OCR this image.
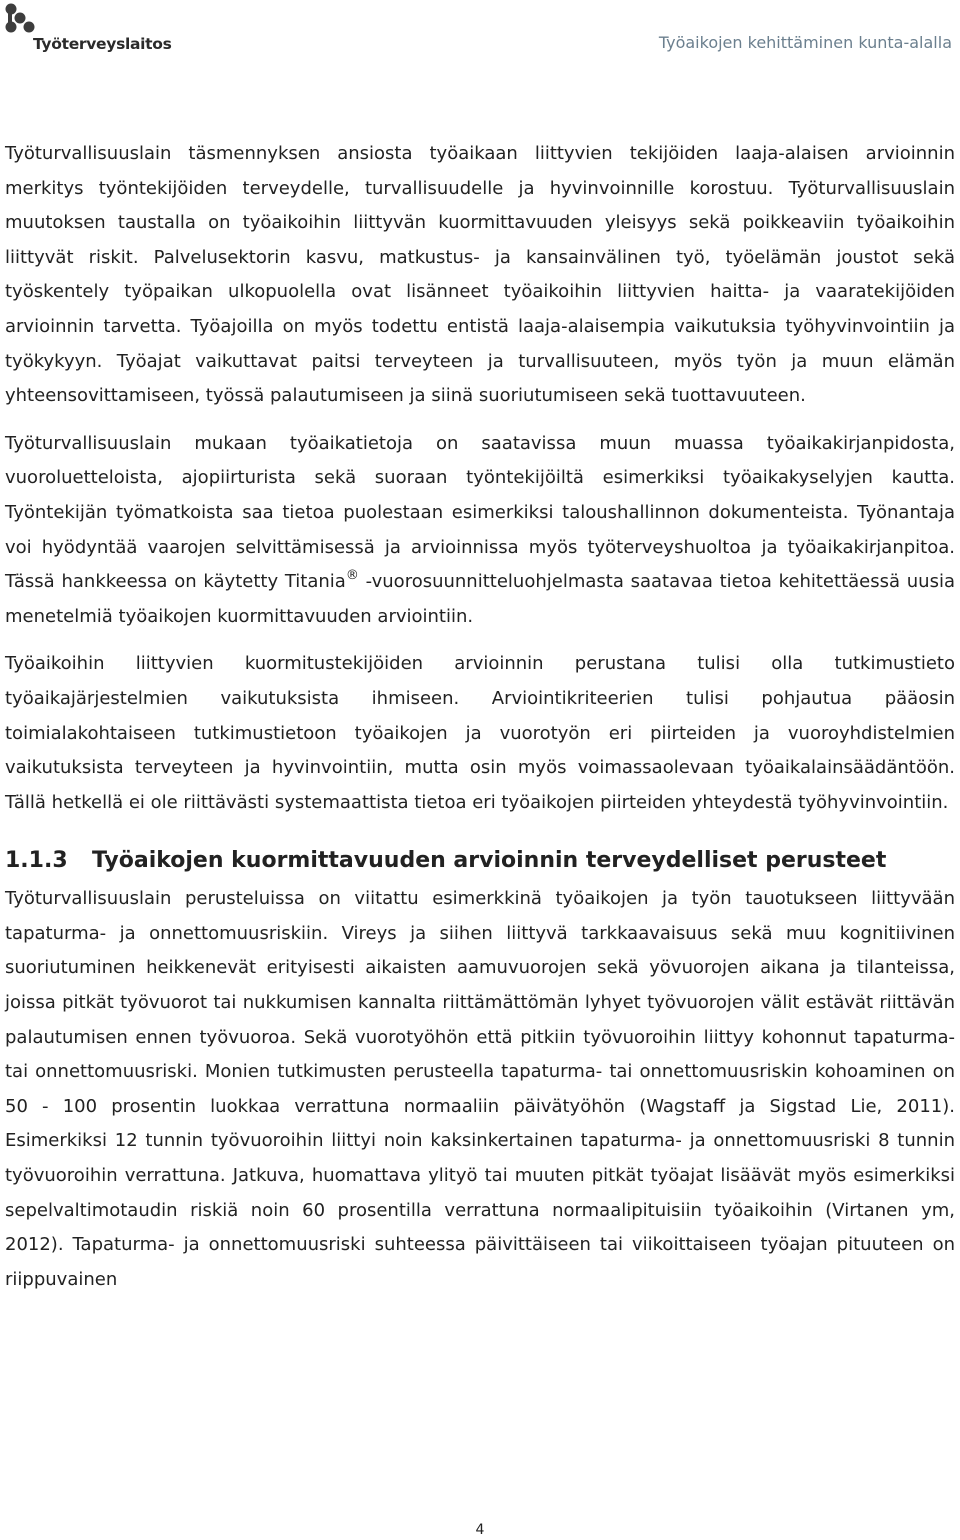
Työterveyslaitos	Työaikojen kehittäminen kunta-alalla

Työturvallisuuslain täsmennyksen ansiosta työaikaan liittyvien tekijöiden laaja-alaisen arvioinnin merkitys työntekijöiden terveydelle, turvallisuudelle ja hyvinvoinnille korostuu. Työturvallisuuslain muutoksen taustalla on työaikoihin liittyvän kuormittavuuden yleisyys sekä poikkeaviin työaikoihin liittyvät riskit. Palvelusektorin kasvu, matkustus- ja kansainvälinen työ, työelämän joustot sekä työskentely työpaikan ulkopuolella ovat lisänneet työaikoihin liittyvien haitta- ja vaaratekijöiden arvioinnin tarvetta. Työajoilla on myös todettu entistä laaja-alaisempia vaikutuksia työhyvinvointiin ja työkykyyn. Työajat vaikuttavat paitsi terveyteen ja turvallisuuteen, myös työn ja muun elämän yhteensovittamiseen, työssä palautumiseen ja siinä suoriutumiseen sekä tuottavuuteen.

Työturvallisuuslain mukaan työaikatietoja on saatavissa muun muassa työaikakirjanpidosta, vuoroluetteloista, ajopiirturista sekä suoraan työntekijöiltä esimerkiksi työaikakyselyjen kautta. Työntekijän työmatkoista saa tietoa puolestaan esimerkiksi taloushallinnon dokumenteista. Työnantaja voi hyödyntää vaarojen selvittämisessä ja arvioinnissa myös työterveyshuoltoa ja työaikakirjanpitoa. Tässä hankkeessa on käytetty Titania® -vuorosuunnitteluohjelmasta saatavaa tietoa kehitettäessä uusia menetelmiä työaikojen kuormittavuuden arviointiin.

Työaikoihin liittyvien kuormitustekijöiden arvioinnin perustana tulisi olla tutkimustieto työaikajärjestelmien vaikutuksista ihmiseen. Arviointikriteerien tulisi pohjautua pääosin toimialakohtaiseen tutkimustietoon työaikojen ja vuorotyön eri piirteiden ja vuoroyhdistelmien vaikutuksista terveyteen ja hyvinvointiin, mutta osin myös voimassaolevaan työaikalainsäädäntöön. Tällä hetkellä ei ole riittävästi systemaattista tietoa eri työaikojen piirteiden yhteydestä työhyvinvointiin.

1.1.3	Työaikojen kuormittavuuden arvioinnin terveydelliset perusteet

Työturvallisuuslain perusteluissa on viitattu esimerkkinä työaikojen ja työn tauotukseen liittyvään tapaturma- ja onnettomuusriskiin. Vireys ja siihen liittyvä tarkkaavaisuus sekä muu kognitiivinen suoriutuminen heikkenevät erityisesti aikaisten aamuvuorojen sekä yövuorojen aikana ja tilanteissa, joissa pitkät työvuorot tai nukkumisen kannalta riittämättömän lyhyet työvuorojen välit estävät riittävän palautumisen ennen työvuoroa. Sekä vuorotyöhön että pitkiin työvuoroihin liittyy kohonnut tapaturma- tai onnettomuusriski. Monien tutkimusten perusteella tapaturma- tai onnettomuusriskin kohoaminen on 50 - 100 prosentin luokkaa verrattuna normaaliin päivätyöhön (Wagstaff ja Sigstad Lie, 2011). Esimerkiksi 12 tunnin työvuoroihin liittyi noin kaksinkertainen tapaturma- ja onnettomuusriski 8 tunnin työvuoroihin verrattuna. Jatkuva, huomattava ylityö tai muuten pitkät työajat lisäävät myös esimerkiksi sepelvaltimotaudin riskiä noin 60 prosentilla verrattuna normaalipituisiin työaikoihin (Virtanen ym, 2012). Tapaturma- ja onnettomuusriski suhteessa päivittäiseen tai viikoittaiseen työajan pituuteen on riippuvainen

4
